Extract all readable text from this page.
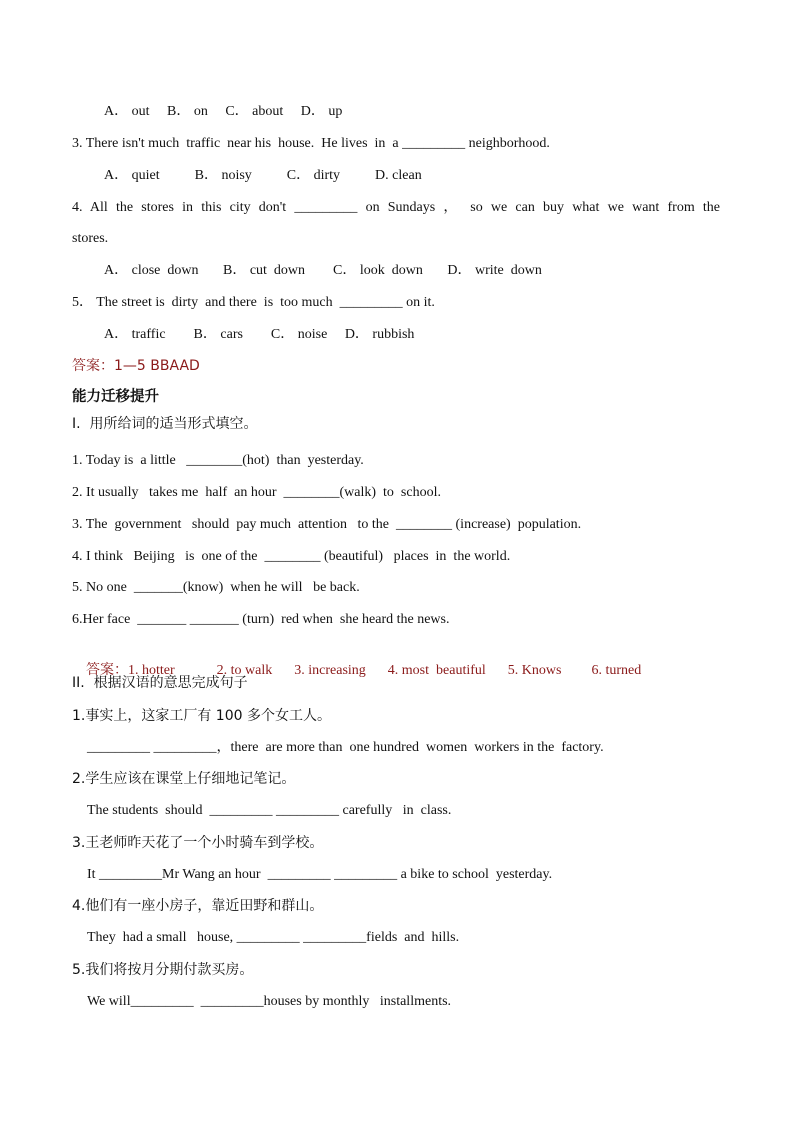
A． out     B． on     C． about     D． up
3. There isn't much  traffic  near his  house.  He lives  in  a _________ neighborhood.
A． quiet          B． noisy          C． dirty          D. clean
4. All the stores in this city don't _________ on Sundays ， so we can buy what we want from the
stores.
A． close  down       B． cut  down        C． look  down       D． write  down
5． The street is  dirty  and there  is  too much  _________ on it.
A． traffic        B． cars        C． noise     D． rubbish
答案：1—5 BBAAD
能力迁移提升
I.  用所给词的适当形式填空。
1. Today is  a little   ________(hot)  than  yesterday.
2. It usually   takes me  half  an hour  ________(walk)  to  school.
3. The  government   should  pay much  attention   to the  ________ (increase)  population.
4. I think   Beijing   is  one of the  ________ (beautiful)   places  in  the world.
5. No one  _______(know)  when he will   be back.
6.Her face  _______ _______ (turn)  red when  she heard the news.

答案：1. hotter	2. to walk 3. increasing 4. most  beautiful 5. Knows 6. turned

II.  根据汉语的意思完成句子
1.事实上，这家工厂有 100 多个女工人。
_________ _________，there  are more than  one hundred  women  workers in the  factory.
2.学生应该在课堂上仔细地记笔记。
The students  should  _________ _________ carefully   in  class.
3.王老师昨天花了一个小时骑车到学校。
It _________Mr Wang an hour  _________ _________ a bike to school  yesterday.
4.他们有一座小房子，靠近田野和群山。
They  had a small   house, _________ _________fields  and  hills.
5.我们将按月分期付款买房。
We will_________  _________houses by monthly   installments.
